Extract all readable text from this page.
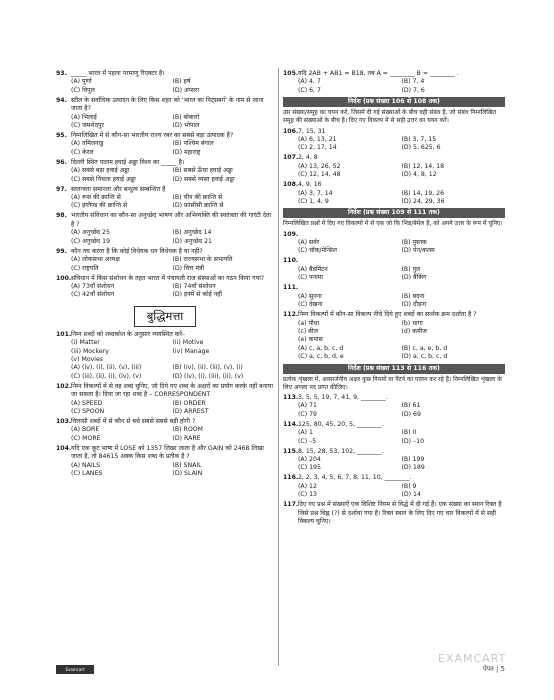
93. _____ भारत में पहला परमाणु रिएक्टर है।
(A) पूर्णा	(B) हर्ष
(C) विपुल	(D) अप्सरा
94. स्टील के सर्वाधिक उत्पादन के लिए किस शहर को 'भारत का पिट्सबर्ग' के नाम से जाना जाता है?
(A) भिलाई	(B) बोकारो
(C) जमशेदपुर	(D) भोपाल
95. निम्नलिखित में से कौन-सा भारतीय राज्य रबर का सबसे बड़ा उत्पादक है?
(A) तमिलनाडु	(B) पश्चिम बंगाल
(C) केरल	(D) महाराष्ट्र
96. दिल्ली स्थित पालम हवाई अड्डा विश्व का _____ है।
(A) सबसे बड़ा हवाई अड्डा	(B) सबसे ऊँचा हवाई अड्डा
(C) सबसे निचला हवाई अड्डा	(D) सबसे व्यस्त हवाई अड्डा
97. स्वतन्त्रता समानता और बन्धुत्व सम्बन्धित है
(A) रूस की क्रान्ति से	(B) चीन की क्रान्ति से
(C) इंग्लैण्ड की क्रान्ति से	(D) फ्रांसीसी क्रान्ति से
98. भारतीय संविधान का कौन-सा अनुच्छेद भाषण और अभिव्यक्ति की स्वतंत्रता की गारंटी देता है ?
(A) अनुच्छेद 25	(B) अनुच्छेद 14
(C) अनुच्छेद 19	(D) अनुच्छेद 21
99. कौन तय करता है कि कोई विधेयक धन विधेयक है या नहीं?
(A) लोकसभा अध्यक्ष	(B) राज्यसभा के सभापति
(C) राष्ट्रपति	(D) वित्त मंत्री
100. संविधान में किस संशोधन के तहत भारत में पंचायती राज संस्थाओं का गठन किया गया?
(A) 73वाँ संशोधन	(B) 74वाँ संशोधन
(C) 42वाँ संशोधन	(D) इनमें से कोई नहीं
बुद्धिमत्ता
101. निम्न शब्दों को शब्दकोश के अनुसार व्यवस्थित करें–
(i) Matter	(ii) Motive
(iii) Mockery	(iv) Manage
(v) Movies
(A) (iv), (i), (ii), (v), (iii)	(B) (iv), (ii), (iii), (v), (i)
(C) (iii), (ii), (i), (iv), (v)	(D) (iv), (i), (iii), (ii), (v)
102. निम्न विकल्पों में से वह शब्द चुनिए, जो दिये गए शब्द के अक्षरों का प्रयोग करके नहीं बनाया जा सकता है। दिया जा रहा शब्द है – CORRESPONDENT
(A) SPEED	(B) ORDER
(C) SPOON	(D) ARREST
103. विलासी शब्दों में से कौन से बचे सबसे सबसे बड़ी होगी ?
(A) BORE	(B) ROOM
(C) MORE	(D) RARE
104. यदि एक कूट भाषा में LOSE को 1357 लिखा जाता है और GAIN को 2468 लिखा जाता है, तो 84615 अक्क किस शब्द के प्रतीक है ?
(A) NAILS	(B) SNAIL
(C) LANES	(D) SLAIN
105. यदि 2AB + AB1 = B18, तब A = ________ B = ________ .
(A) 4, 7	(B) 7, 4
(C) 6, 7	(D) 7, 6
निर्देश (प्रश्न संख्या 106 से 108 तक)
उस संख्या/समूह का चयन करें, जिसमें दी गई संख्याओं के बीच वही संबंध है, जो संबंध निम्नलिखित समूह की संख्याओं के बीच है। दिए गए विकल्प में से सही उत्तर का चयन करें।
106. 7, 15, 31
(A) 6, 13, 21	(B) 3, 7, 15
(C) 2, 17, 14	(D) 5, 625, 6
107. 2, 4, 8
(A) 13, 26, 52	(B) 12, 14, 18
(C) 12, 14, 48	(D) 4, 8, 12
108. 4, 9, 16
(A) 3, 7, 14	(B) 14, 19, 26
(C) 1, 4, 9	(D) 24, 29, 36
निर्देश (प्रश्न संख्या 109 से 111 तक)
निम्नलिखित प्रश्नों में दिए गए विकल्पों में से एक जो कि भिन्न/बेमेल है, को अपने उत्तर के रूप में चुनिए।
109.
(A) सर्वर	(B) पुस्तक
(C) चॉक/पेन्सिल	(D) पेन/कलम
110.
(A) बैडमिंटन	(B) पुल
(C) पनामा	(D) बैंकिंग
111.
(A) सुनना	(B) बदना
(C) देखना	(D) दौड़ना
112. निम्न विकल्पों में कौन-सा विकल्प नीचे दिये हुए शब्दों का सार्थक क्रम दर्शाता है ?
(a) पौधा	(b) धागा
(c) बीज	(d) कमीज
(e) कपास
(A) c, a, b, c, d	(B) c, a, e, b, d
(C) a, c, b, d, e	(D) a, c, b, c, d
निर्देश (प्रश्न संख्या 113 से 116 तक)
प्रत्येक शृंखला में, अवसर्जनीय अक्षर कुछ नियमों या पैटर्न का पालन कर रहे हैं। निम्नलिखित शृंखला के लिए अगला पद प्राप्त कीजिए।
113. 3, 5, 5, 19, 7, 41, 9, ________.
(A) 71	(B) 61
(C) 79	(D) 69
114. 125, 80, 45, 20, 5, ________.
(A) 1	(B) 0
(C) –5	(D) –10
115. 8, 15, 28, 53, 102, ________.
(A) 204	(B) 199
(C) 195	(D) 189
116. 2, 2, 3, 4, 5, 6, 7, 8, 11, 10, ________.
(A) 12	(B) 9
(C) 13	(D) 14
117. दिए गए प्रश्न में संख्याएँ एक विशिष्ट नियम से विद्धे में दी गई हैं। एक संख्या का स्थान रिक्त है जिसे प्रश्न चिह्न (?) से दर्शाया गया है। रिक्त स्थान के लिए दिए गए चार विकल्पों में से सही विकल्प चुनिए।
EXAMCART
Examcart	पेपर | 5
